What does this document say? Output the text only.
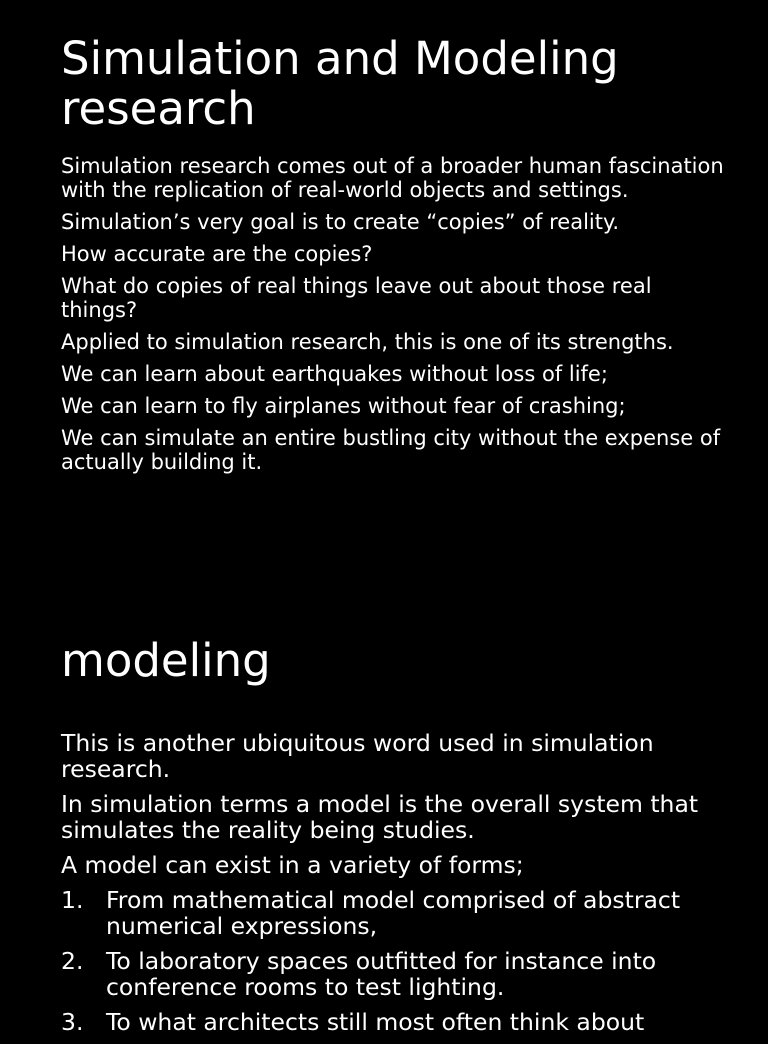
Simulation and Modeling research

Simulation research comes out of a broader human fascination with the replication of real-world objects and settings.

Simulation’s very goal is to create “copies” of reality.

How accurate are the copies?

What do copies of real things leave out about those real things?

Applied to simulation research, this is one of its strengths.

We can learn about earthquakes without loss of life;

We can learn to fly airplanes without fear of crashing;

We can simulate an entire bustling city without the expense of actually building it.

modeling

This is another ubiquitous word used in simulation research.

In simulation terms a model is the overall system that simulates the reality being studies.

A model can exist in a variety of forms;

1. From mathematical model comprised of abstract numerical expressions,
2. To laboratory spaces outfitted for instance into conference rooms to test lighting.
3. To what architects still most often think about
